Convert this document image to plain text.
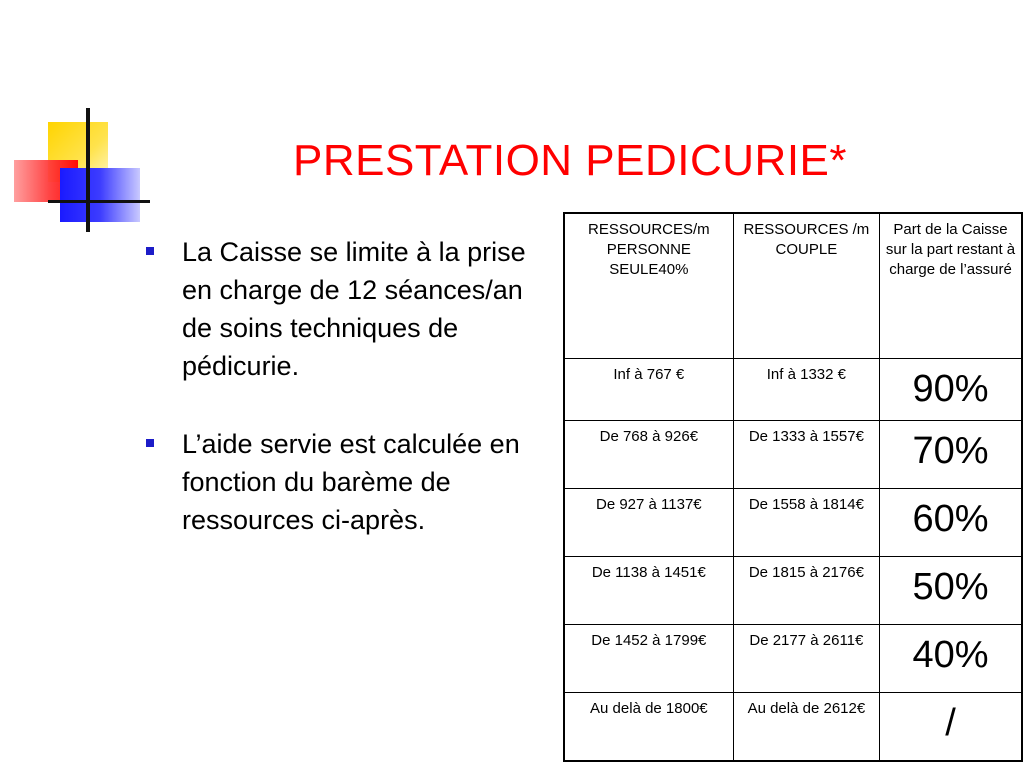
PRESTATION PEDICURIE*
La Caisse se limite à la prise en charge de 12 séances/an de soins techniques de pédicurie.
L’aide servie est calculée en fonction du barème de ressources ci-après.
RESSOURCES/m PERSONNE SEULE40%	RESSOURCES /m COUPLE	Part de la Caisse sur la part restant à charge de l’assuré
Inf à 767 €	Inf à 1332 €	90%
De 768 à 926€	De 1333 à 1557€	70%
De 927 à 1137€	De 1558 à 1814€	60%
De 1138 à 1451€	De 1815 à 2176€	50%
De 1452 à 1799€	De 2177 à 2611€	40%
Au delà de 1800€	Au delà de 2612€	/
